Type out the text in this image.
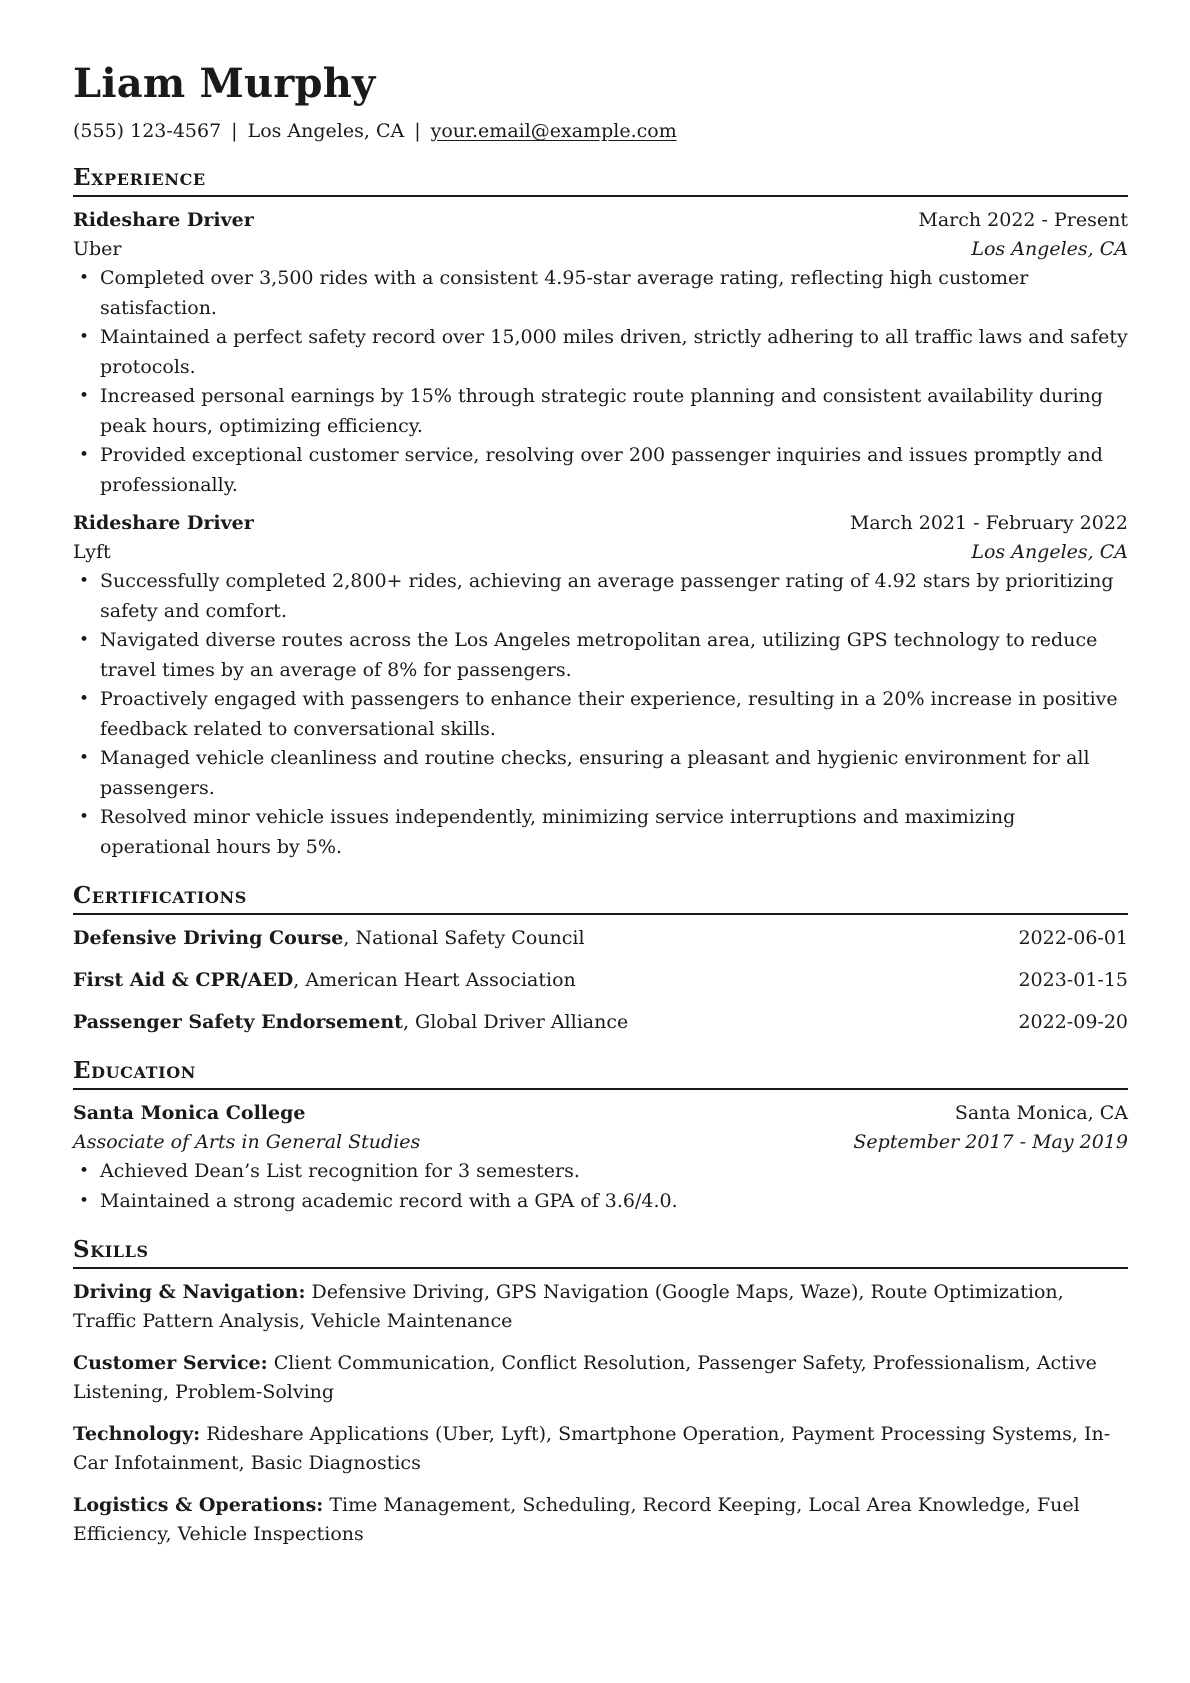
Liam Murphy
(555) 123-4567 | Los Angeles, CA | your.email@example.com
Experience
Rideshare Driver	March 2022 - Present
Uber	Los Angeles, CA
• Completed over 3,500 rides with a consistent 4.95-star average rating, reflecting high customer satisfaction.
• Maintained a perfect safety record over 15,000 miles driven, strictly adhering to all traffic laws and safety protocols.
• Increased personal earnings by 15% through strategic route planning and consistent availability during peak hours, optimizing efficiency.
• Provided exceptional customer service, resolving over 200 passenger inquiries and issues promptly and professionally.
Rideshare Driver	March 2021 - February 2022
Lyft	Los Angeles, CA
• Successfully completed 2,800+ rides, achieving an average passenger rating of 4.92 stars by prioritizing safety and comfort.
• Navigated diverse routes across the Los Angeles metropolitan area, utilizing GPS technology to reduce travel times by an average of 8% for passengers.
• Proactively engaged with passengers to enhance their experience, resulting in a 20% increase in positive feedback related to conversational skills.
• Managed vehicle cleanliness and routine checks, ensuring a pleasant and hygienic environment for all passengers.
• Resolved minor vehicle issues independently, minimizing service interruptions and maximizing operational hours by 5%.
Certifications
Defensive Driving Course, National Safety Council	2022-06-01
First Aid & CPR/AED, American Heart Association	2023-01-15
Passenger Safety Endorsement, Global Driver Alliance	2022-09-20
Education
Santa Monica College	Santa Monica, CA
Associate of Arts in General Studies	September 2017 - May 2019
• Achieved Dean’s List recognition for 3 semesters.
• Maintained a strong academic record with a GPA of 3.6/4.0.
Skills
Driving & Navigation: Defensive Driving, GPS Navigation (Google Maps, Waze), Route Optimization, Traffic Pattern Analysis, Vehicle Maintenance
Customer Service: Client Communication, Conflict Resolution, Passenger Safety, Professionalism, Active Listening, Problem-Solving
Technology: Rideshare Applications (Uber, Lyft), Smartphone Operation, Payment Processing Systems, In-Car Infotainment, Basic Diagnostics
Logistics & Operations: Time Management, Scheduling, Record Keeping, Local Area Knowledge, Fuel Efficiency, Vehicle Inspections
